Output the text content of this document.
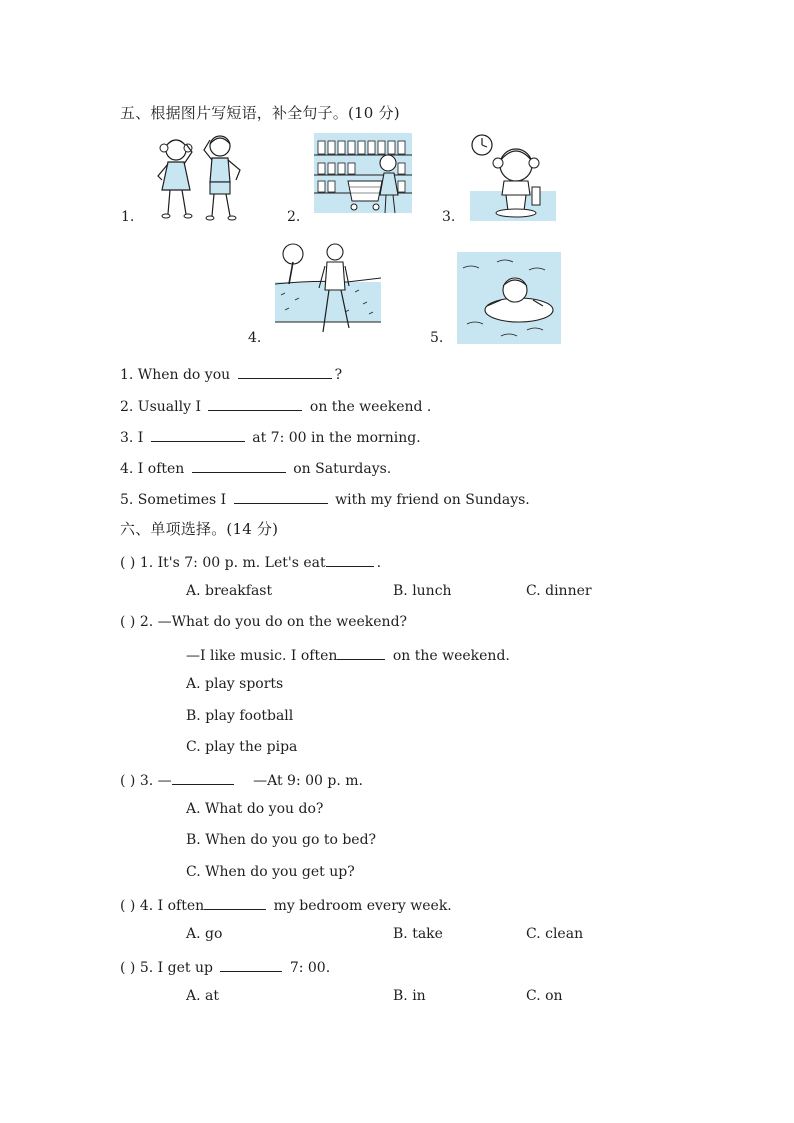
五、根据图片写短语，补全句子。(10 分)
1.	2.	3.
4.	5.
1. When do you	?
2. Usually I	on the weekend .
3. I	at 7: 00 in the morning.
4. I often	on Saturdays.
5. Sometimes I	with my friend on Sundays.
六、单项选择。(14 分)
( ) 1. It's 7: 00 p. m. Let's eat	.
A. breakfast	B. lunch	C. dinner
( ) 2. —What do you do on the weekend?
—I like music. I often	on the weekend.
A. play sports
B. play football
C. play the pipa
( ) 3. —	—At 9: 00 p. m.
A. What do you do?
B. When do you go to bed?
C. When do you get up?
( ) 4. I often	my bedroom every week.
A. go	B. take	C. clean
( ) 5. I get up	7: 00.
A. at	B. in	C. on
